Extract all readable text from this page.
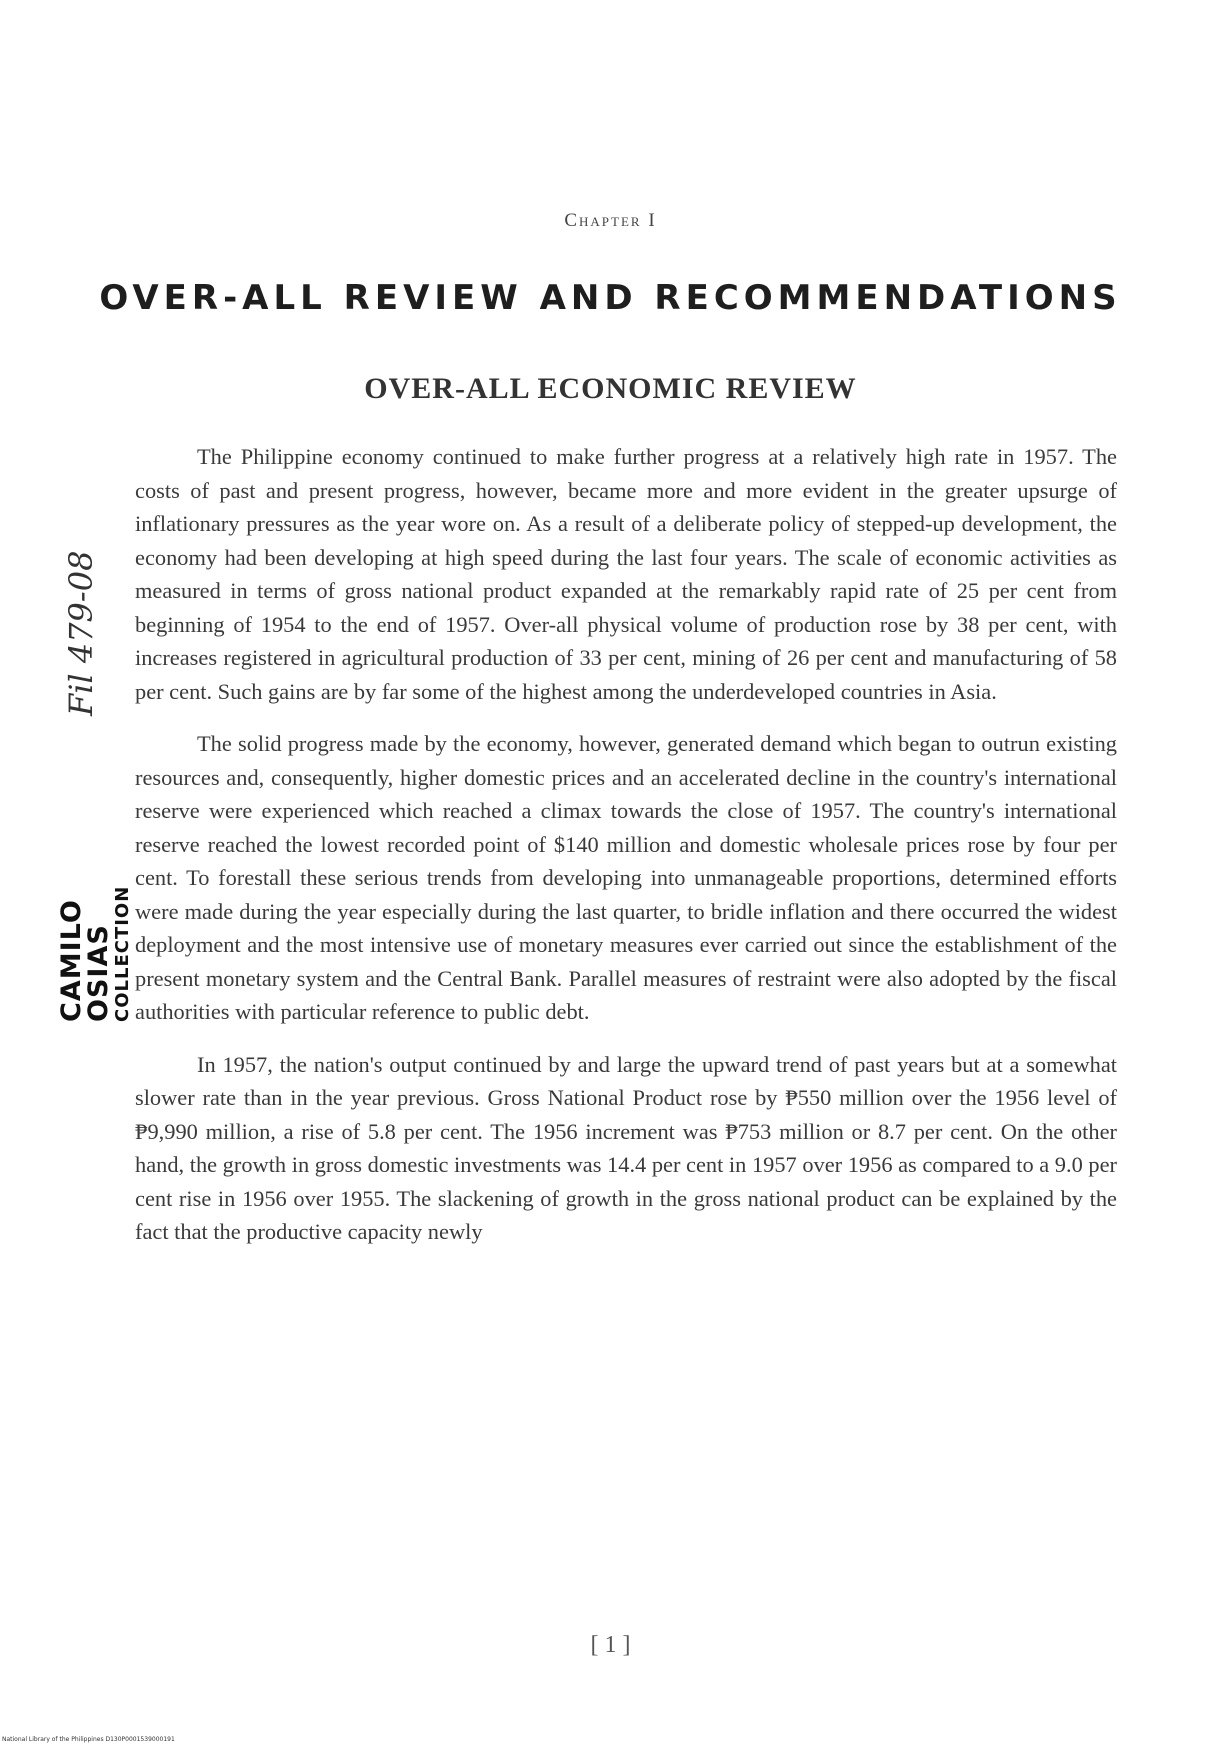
Chapter I
OVER-ALL REVIEW AND RECOMMENDATIONS
OVER-ALL ECONOMIC REVIEW

The Philippine economy continued to make further progress at a relatively high rate in 1957. The costs of past and present progress, however, became more and more evident in the greater upsurge of inflationary pressures as the year wore on. As a result of a deliberate policy of stepped-up development, the economy had been developing at high speed during the last four years. The scale of economic activities as measured in terms of gross national product expanded at the remarkably rapid rate of 25 per cent from beginning of 1954 to the end of 1957. Over-all physical volume of production rose by 38 per cent, with increases registered in agricultural production of 33 per cent, mining of 26 per cent and manufacturing of 58 per cent. Such gains are by far some of the highest among the underdeveloped countries in Asia.

The solid progress made by the economy, however, generated demand which began to outrun existing resources and, consequently, higher domestic prices and an accelerated decline in the country's international reserve were experienced which reached a climax towards the close of 1957. The country's international reserve reached the lowest recorded point of $140 million and domestic wholesale prices rose by four per cent. To forestall these serious trends from developing into unmanageable proportions, determined efforts were made during the year especially during the last quarter, to bridle inflation and there occurred the widest deployment and the most intensive use of monetary measures ever carried out since the establishment of the present monetary system and the Central Bank. Parallel measures of restraint were also adopted by the fiscal authorities with particular reference to public debt.

In 1957, the nation's output continued by and large the upward trend of past years but at a somewhat slower rate than in the year previous. Gross National Product rose by ₱550 million over the 1956 level of ₱9,990 million, a rise of 5.8 per cent. The 1956 increment was ₱753 million or 8.7 per cent. On the other hand, the growth in gross domestic investments was 14.4 per cent in 1957 over 1956 as compared to a 9.0 per cent rise in 1956 over 1955. The slackening of growth in the gross national product can be explained by the fact that the productive capacity newly

Fil 479-08
CAMILO OSIAS
COLLECTION
[ 1 ]
National Library of the Philippines D130P0001539000191
